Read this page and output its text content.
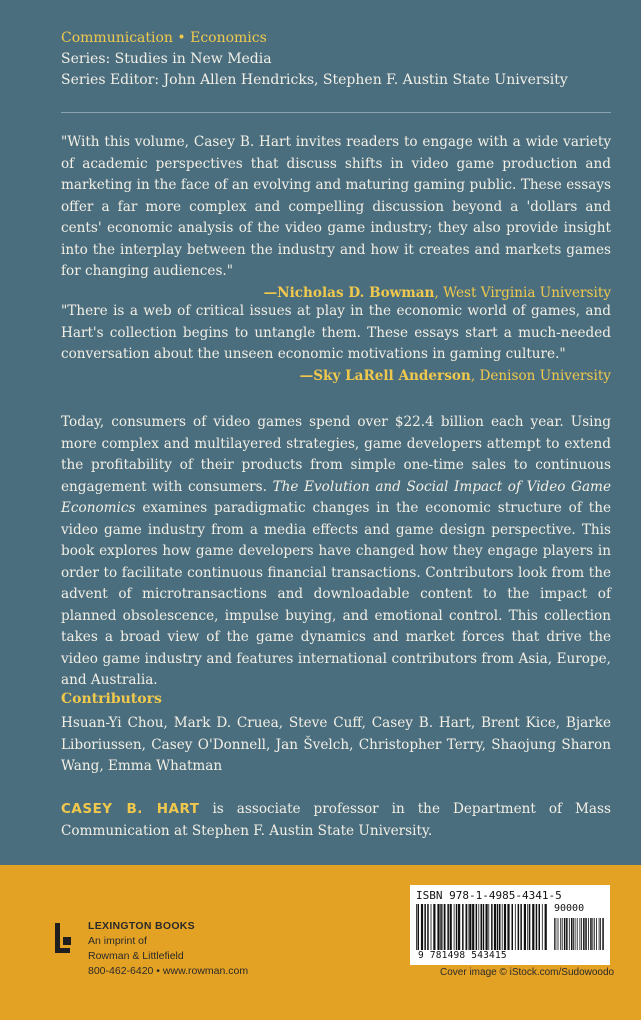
Communication • Economics
Series: Studies in New Media
Series Editor: John Allen Hendricks, Stephen F. Austin State University

"With this volume, Casey B. Hart invites readers to engage with a wide variety of academic perspectives that discuss shifts in video game production and marketing in the face of an evolving and maturing gaming public. These essays offer a far more complex and compelling discussion beyond a 'dollars and cents' economic analysis of the video game industry; they also provide insight into the interplay between the industry and how it creates and markets games for changing audiences."

—Nicholas D. Bowman, West Virginia University

"There is a web of critical issues at play in the economic world of games, and Hart's collection begins to untangle them. These essays start a much-needed conversation about the unseen economic motivations in gaming culture."

—Sky LaRell Anderson, Denison University

Today, consumers of video games spend over $22.4 billion each year. Using more complex and multilayered strategies, game developers attempt to extend the profitability of their products from simple one-time sales to continuous engagement with consumers. The Evolution and Social Impact of Video Game Economics examines paradigmatic changes in the economic structure of the video game industry from a media effects and game design perspective. This book explores how game developers have changed how they engage players in order to facilitate continuous financial transactions. Contributors look from the advent of microtransactions and downloadable content to the impact of planned obsolescence, impulse buying, and emotional control. This collection takes a broad view of the game dynamics and market forces that drive the video game industry and features international contributors from Asia, Europe, and Australia.

Contributors

Hsuan-Yi Chou, Mark D. Cruea, Steve Cuff, Casey B. Hart, Brent Kice, Bjarke Liboriussen, Casey O'Donnell, Jan Švelch, Christopher Terry, Shaojung Sharon Wang, Emma Whatman

CASEY B. HART is associate professor in the Department of Mass Communication at Stephen F. Austin State University.

LEXINGTON BOOKS
An imprint of
Rowman & Littlefield
800-462-6420 • www.rowman.com
ISBN 978-1-4985-4341-5
90000
9 781498 543415
Cover image © iStock.com/Sudowoodo
